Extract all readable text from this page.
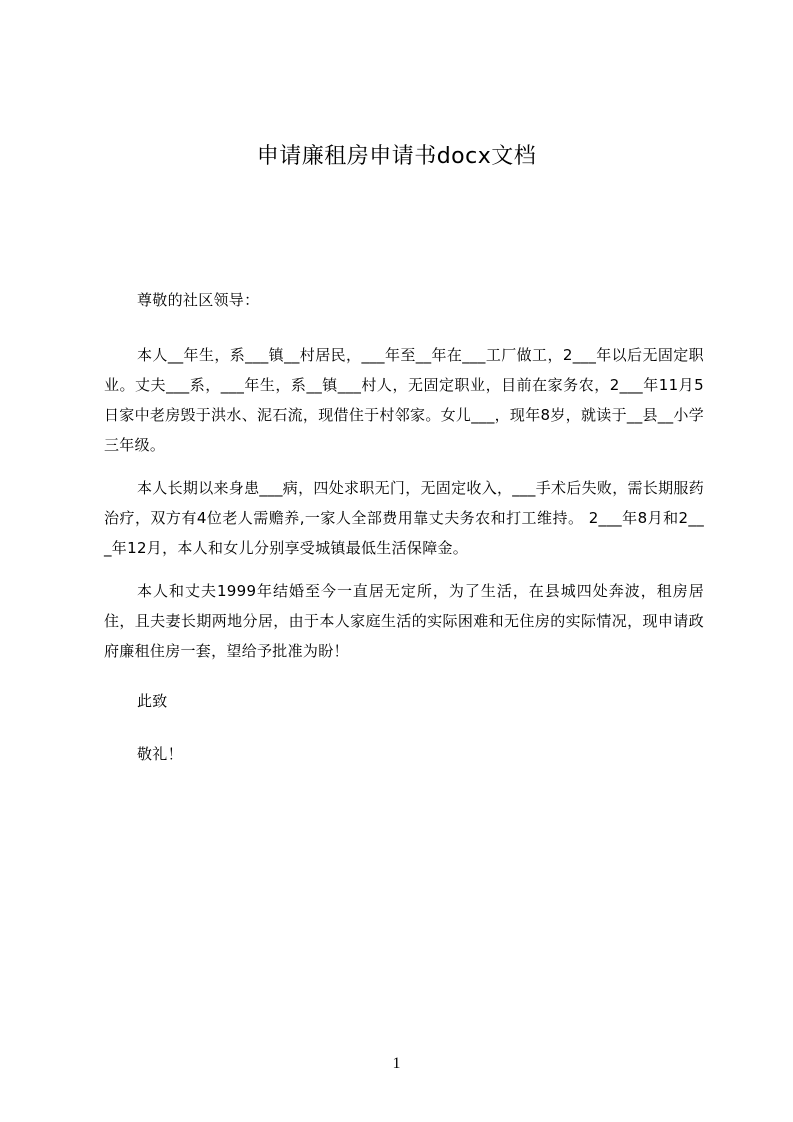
申请廉租房申请书docx文档
尊敬的社区领导：
本人__年生，系___镇__村居民，___年至__年在___工厂做工，2___年以后无固定职业。丈夫___系，___年生，系__镇___村人，无固定职业，目前在家务农，2___年11月5日家中老房毁于洪水、泥石流，现借住于村邻家。女儿___，现年8岁，就读于__县__小学三年级。
本人长期以来身患___病，四处求职无门，无固定收入，___手术后失败，需长期服药治疗，双方有4位老人需赡养,一家人全部费用靠丈夫务农和打工维持。 2___年8月和2___年12月，本人和女儿分别享受城镇最低生活保障金。
本人和丈夫1999年结婚至今一直居无定所，为了生活，在县城四处奔波，租房居住，且夫妻长期两地分居，由于本人家庭生活的实际困难和无住房的实际情况，现申请政府廉租住房一套，望给予批准为盼！
此致
敬礼！
1
